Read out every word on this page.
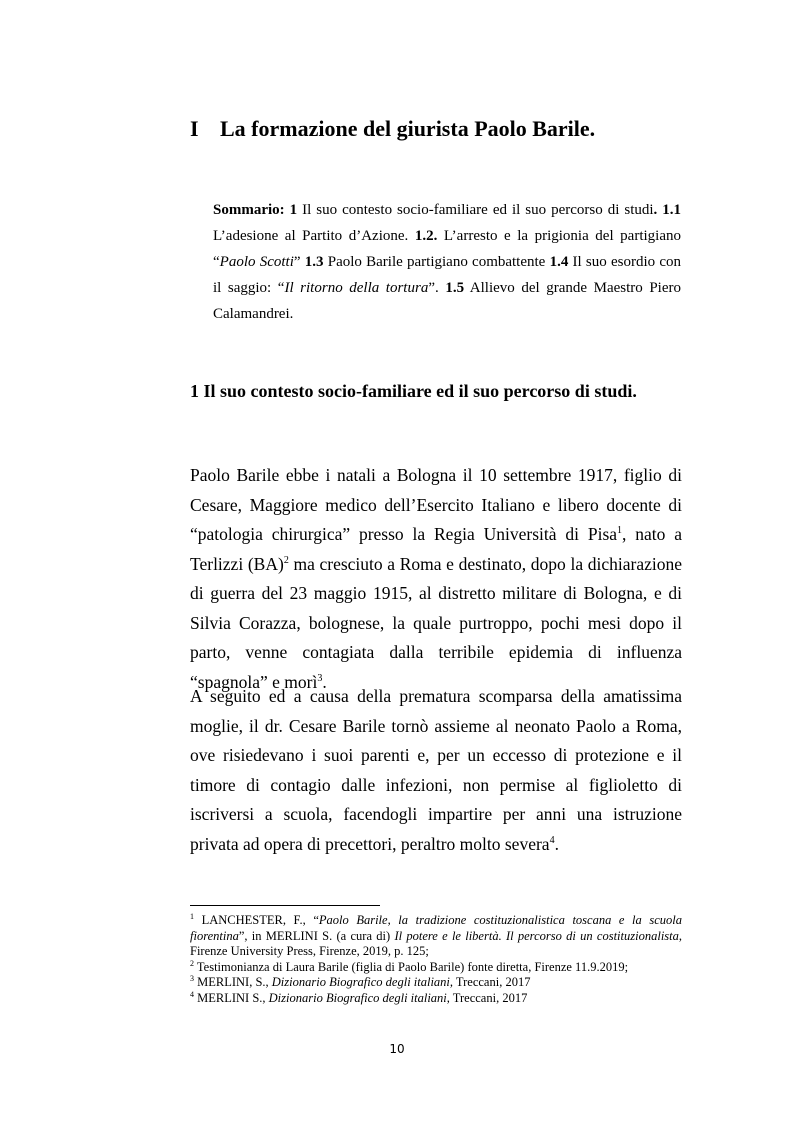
I La formazione del giurista Paolo Barile.

Sommario: 1 Il suo contesto socio-familiare ed il suo percorso di studi. 1.1 L’adesione al Partito d’Azione. 1.2. L’arresto e la prigionia del partigiano “Paolo Scotti” 1.3 Paolo Barile partigiano combattente 1.4 Il suo esordio con il saggio: “Il ritorno della tortura”. 1.5 Allievo del grande Maestro Piero Calamandrei.

1 Il suo contesto socio-familiare ed il suo percorso di studi.

Paolo Barile ebbe i natali a Bologna il 10 settembre 1917, figlio di Cesare, Maggiore medico dell’Esercito Italiano e libero docente di “patologia chirurgica” presso la Regia Università di Pisa$^1$, nato a Terlizzi (BA)$^2$ ma cresciuto a Roma e destinato, dopo la dichiarazione di guerra del 23 maggio 1915, al distretto militare di Bologna, e di Silvia Corazza, bolognese, la quale purtroppo, pochi mesi dopo il parto, venne contagiata dalla terribile epidemia di influenza “spagnola” e morì$^3$.

A seguito ed a causa della prematura scomparsa della amatissima moglie, il dr. Cesare Barile tornò assieme al neonato Paolo a Roma, ove risiedevano i suoi parenti e, per un eccesso di protezione e il timore di contagio dalle infezioni, non permise al figlioletto di iscriversi a scuola, facendogli impartire per anni una istruzione privata ad opera di precettori, peraltro molto severa$^4$.

$^1$ LANCHESTER, F., “Paolo Barile, la tradizione costituzionalistica toscana e la scuola fiorentina”, in MERLINI S. (a cura di) Il potere e le libertà. Il percorso di un costituzionalista, Firenze University Press, Firenze, 2019, p. 125;

$^2$ Testimonianza di Laura Barile (figlia di Paolo Barile) fonte diretta, Firenze 11.9.2019;

$^3$ MERLINI, S., Dizionario Biografico degli italiani, Treccani, 2017

$^4$ MERLINI S., Dizionario Biografico degli italiani, Treccani, 2017

10
